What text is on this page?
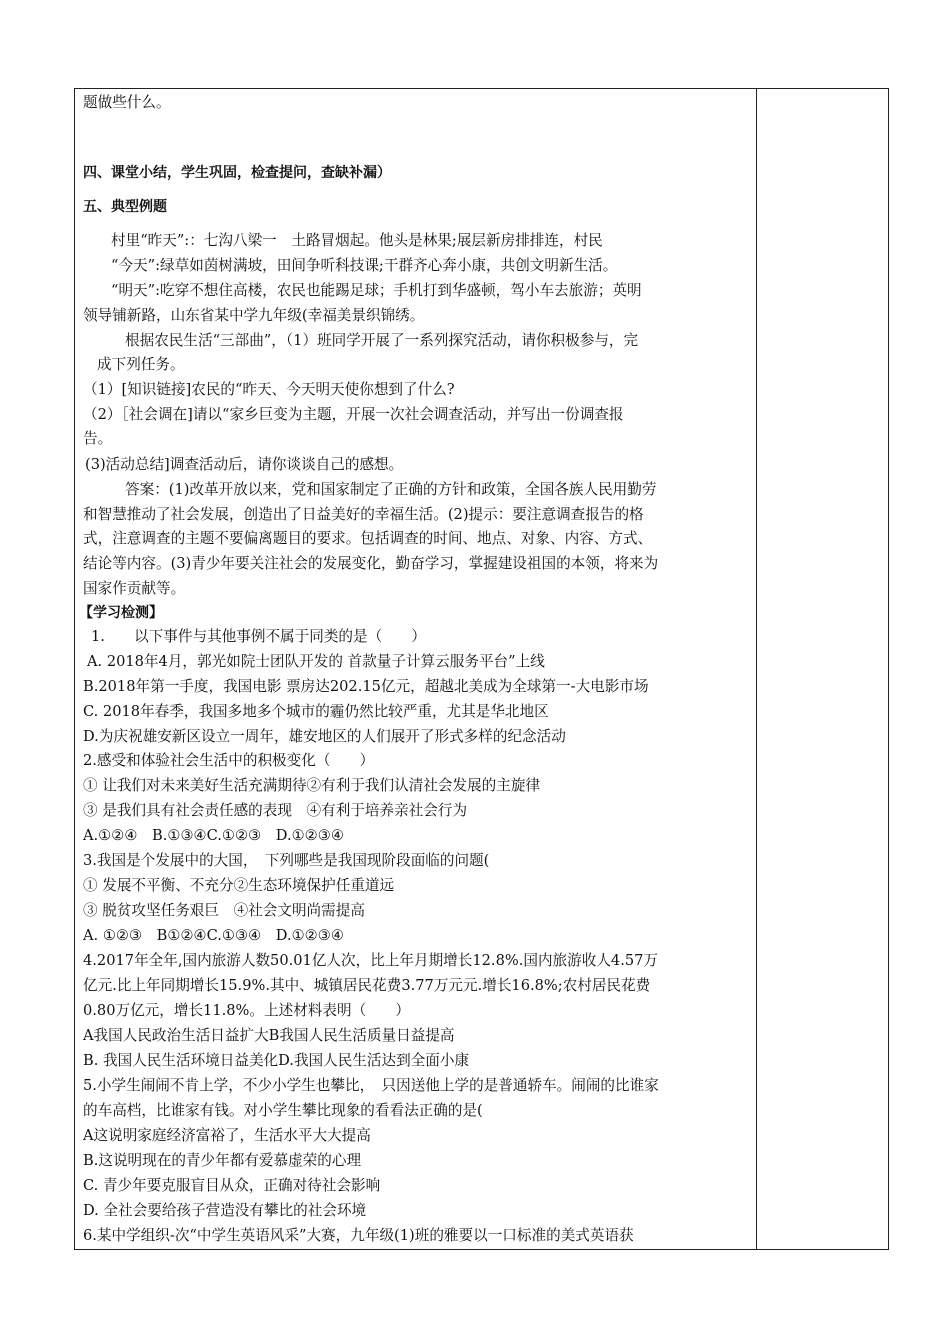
题做些什么。
四、课堂小结，学生巩固，检查提问，查缺补漏）
五、典型例题
村里“昨天”:：七沟八梁一　土路冒烟起。他头是林果;展层新房排排连，村民
“今天”:绿草如茵树满坡，田间争听科技课;干群齐心奔小康，共创文明新生活。
“明天”:吃穿不想住高楼，农民也能踢足球；手机打到华盛顿，驾小车去旅游；英明
领导铺新路，山东省某中学九年级(幸福美景织锦绣。
根据农民生活“三部曲”，（1）班同学开展了一系列探究活动，请你积极参与，完
成下列任务。
（1）[知识链接]农民的“昨天、今天明天使你想到了什么?
（2）［社会调在]请以“家乡巨变为主题，开展一次社会调查活动，并写出一份调查报
告。
(3)活动总结]调查活动后，请你谈谈自己的感想。
答案：(1)改革开放以来，党和国家制定了正确的方针和政策，全国各族人民用勤劳
和智慧推动了社会发展，创造出了日益美好的幸福生活。(2)提示：要注意调查报告的格
式，注意调查的主题不要偏离题目的要求。包括调查的时间、地点、对象、内容、方式、
结论等内容。(3)青少年要关注社会的发展变化，勤奋学习，掌握建设祖国的本领，将来为
国家作贡献等。
【学习检测】
1.　　以下事件与其他事例不属于同类的是（　　）
A. 2018年4月，郭光如院士团队开发的 首款量子计算云服务平台”上线
B.2018年第一手度，我国电影 票房达202.15亿元，超越北美成为全球第一-大电影市场
C. 2018年春季，我国多地多个城市的霾仍然比较严重，尤其是华北地区
D.为庆祝雄安新区设立一周年，雄安地区的人们展开了形式多样的纪念活动
2.感受和体验社会生活中的积极变化（　　）
① 让我们对未来美好生活充满期待②有利于我们认清社会发展的主旋律
③ 是我们具有社会责任感的表现　④有利于培养亲社会行为
A.①②④　B.①③④C.①②③　D.①②③④
3.我国是个发展中的大国，　下列哪些是我国现阶段面临的问题(
① 发展不平衡、不充分②生态环境保护任重道远
③ 脱贫攻坚任务艰巨　④社会文明尚需提高
A. ①②③　B①②④C.①③④　D.①②③④
4.2017年全年,国内旅游人数50.01亿人次，比上年月期增长12.8%.国内旅游收人4.57万
亿元.比上年同期增长15.9%.其中、城镇居民花费3.77万元元.增长16.8%;农村居民花费
0.80万亿元，增长11.8%。上述材料表明（　　）
A我国人民政治生活日益扩大B我国人民生活质量日益提高
B. 我国人民生活环境日益美化D.我国人民生活达到全面小康
5.小学生闹闹不肯上学，不少小学生也攀比，　只因送他上学的是普通轿车。闹闹的比谁家
的车高档，比谁家有钱。对小学生攀比现象的看看法正确的是(
A这说明家庭经济富裕了，生活水平大大提高
B.这说明现在的青少年都有爱慕虚荣的心理
C. 青少年要克服盲目从众，正确对待社会影响
D. 全社会要给孩子营造没有攀比的社会环境
6.某中学组织-次“中学生英语风采”大赛，九年级(1)班的雅要以一口标准的美式英语获
